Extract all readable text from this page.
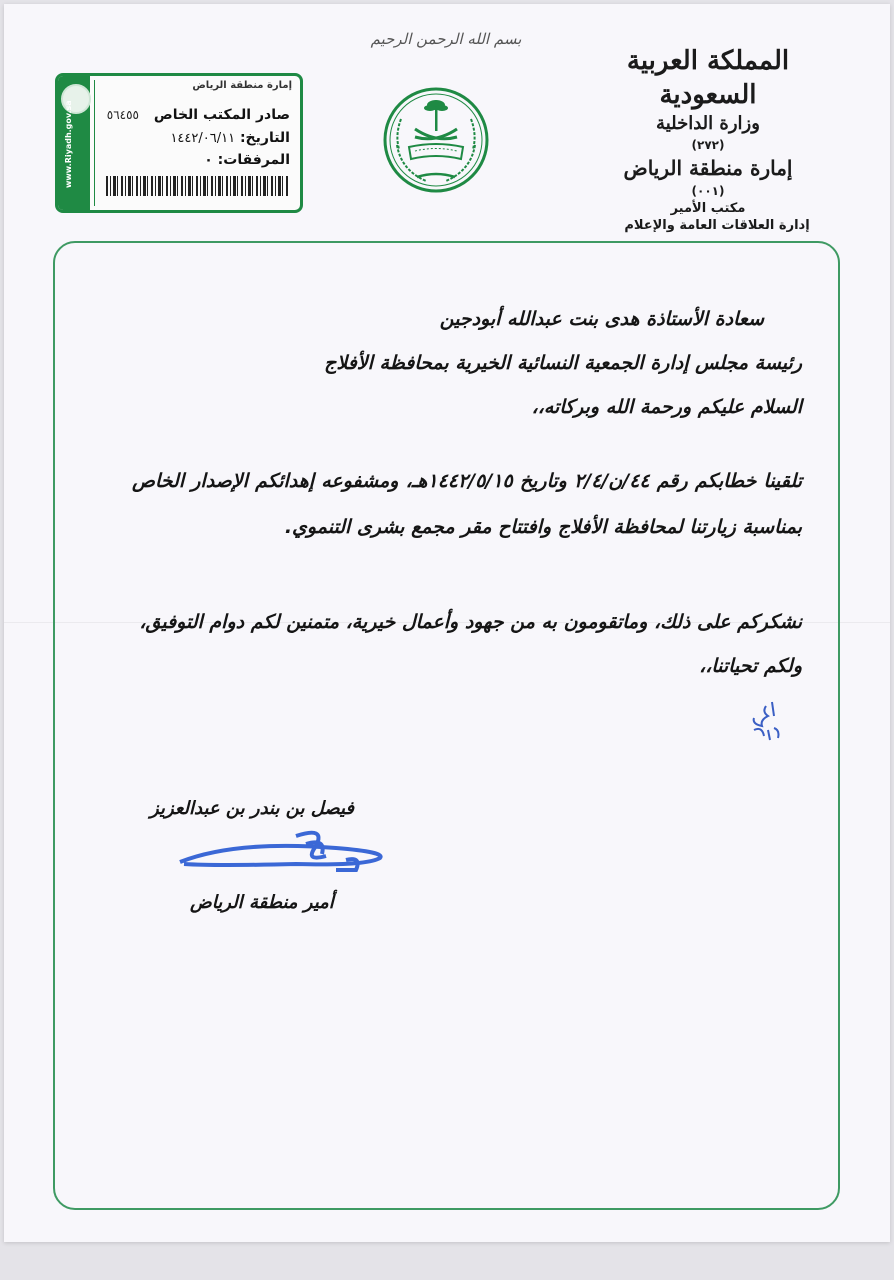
المملكة العربية السعودية
وزارة الداخلية
(٢٧٢)
إمارة منطقة الرياض
(٠٠١)
مكتب الأمير
إدارة العلاقات العامة والإعلام
بسم الله الرحمن الرحيم
www.Riyadh.gov.sa
إمارة منطقة الرياض
صادر المكتب الخاص ٥٦٤٥٥
التاريخ: ١٤٤٢/٠٦/١١
المرفقات: ٠
سعادة الأستاذة هدى بنت عبدالله أبودجين
رئيسة مجلس إدارة الجمعية النسائية الخيرية بمحافظة الأفلاج
السلام عليكم ورحمة الله وبركاته،،
تلقينا خطابكم رقم ٤٤/ن/٢/٤ وتاريخ ١٤٤٢/٥/١٥هـ، ومشفوعه إهدائكم الإصدار الخاص بمناسبة زيارتنا لمحافظة الأفلاج وافتتاح مقر مجمع بشرى التنموي.
نشكركم على ذلك، وماتقومون به من جهود وأعمال خيرية، متمنين لكم دوام التوفيق، ولكم تحياتنا،،
فيصل بن بندر بن عبدالعزيز
أمير منطقة الرياض
